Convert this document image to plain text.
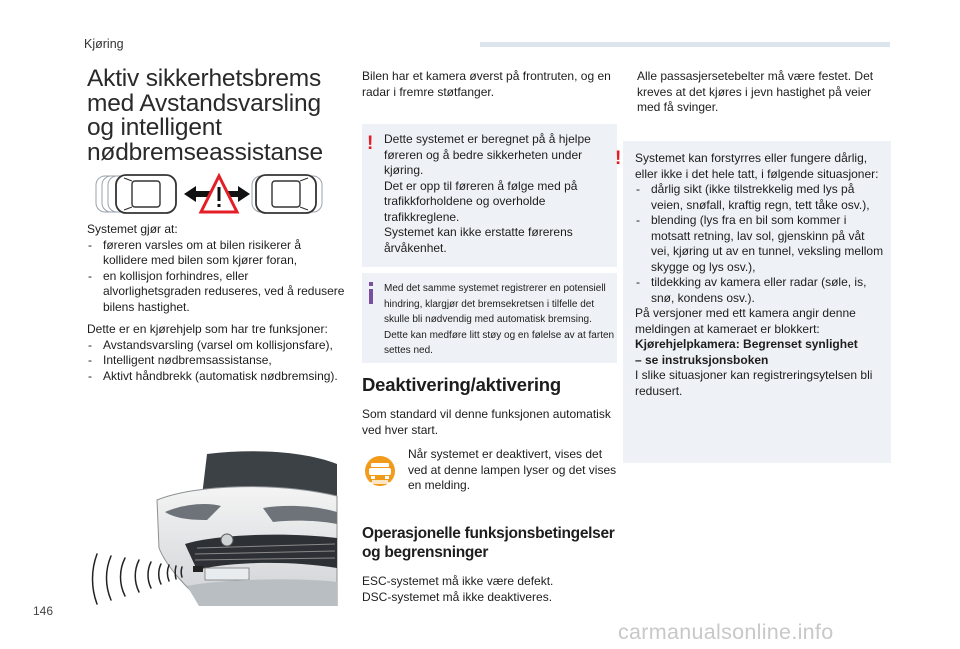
Kjøring
Aktiv sikkerhetsbrems
med Avstandsvarsling
og intelligent
nødbremseassistanse
Systemet gjør at:
- føreren varsles om at bilen risikerer å kollidere med bilen som kjører foran,
- en kollisjon forhindres, eller alvorlighetsgraden reduseres, ved å redusere bilens hastighet.
Dette er en kjørehjelp som har tre funksjoner:
- Avstandsvarsling (varsel om kollisjonsfare),
- Intelligent nødbremsassistanse,
- Aktivt håndbrekk (automatisk nødbremsing).
Bilen har et kamera øverst på frontruten, og en radar i fremre støtfanger.
! Dette systemet er beregnet på å hjelpe føreren og å bedre sikkerheten under kjøring.
Det er opp til føreren å følge med på trafikkforholdene og overholde trafikkreglene.
Systemet kan ikke erstatte førerens årvåkenhet.
Med det samme systemet registrerer en potensiell hindring, klargjør det bremsekretsen i tilfelle det skulle bli nødvendig med automatisk bremsing. Dette kan medføre litt støy og en følelse av at farten settes ned.
Deaktivering/aktivering
Som standard vil denne funksjonen automatisk ved hver start.
Når systemet er deaktivert, vises det ved at denne lampen lyser og det vises en melding.
Operasjonelle funksjonsbetingelser
og begrensninger
ESC-systemet må ikke være defekt.
DSC-systemet må ikke deaktiveres.
Alle passasjersetebelter må være festet. Det kreves at det kjøres i jevn hastighet på veier med få svinger.
! Systemet kan forstyrres eller fungere dårlig, eller ikke i det hele tatt, i følgende situasjoner:
- dårlig sikt (ikke tilstrekkelig med lys på veien, snøfall, kraftig regn, tett tåke osv.),
- blending (lys fra en bil som kommer i motsatt retning, lav sol, gjenskinn på våt vei, kjøring ut av en tunnel, veksling mellom skygge og lys osv.),
- tildekking av kamera eller radar (søle, is, snø, kondens osv.).
På versjoner med ett kamera angir denne meldingen at kameraet er blokkert:
Kjørehjelpkamera: Begrenset synlighet
– se instruksjonsboken
I slike situasjoner kan registreringsytelsen bli redusert.
146
carmanualsonline.info
